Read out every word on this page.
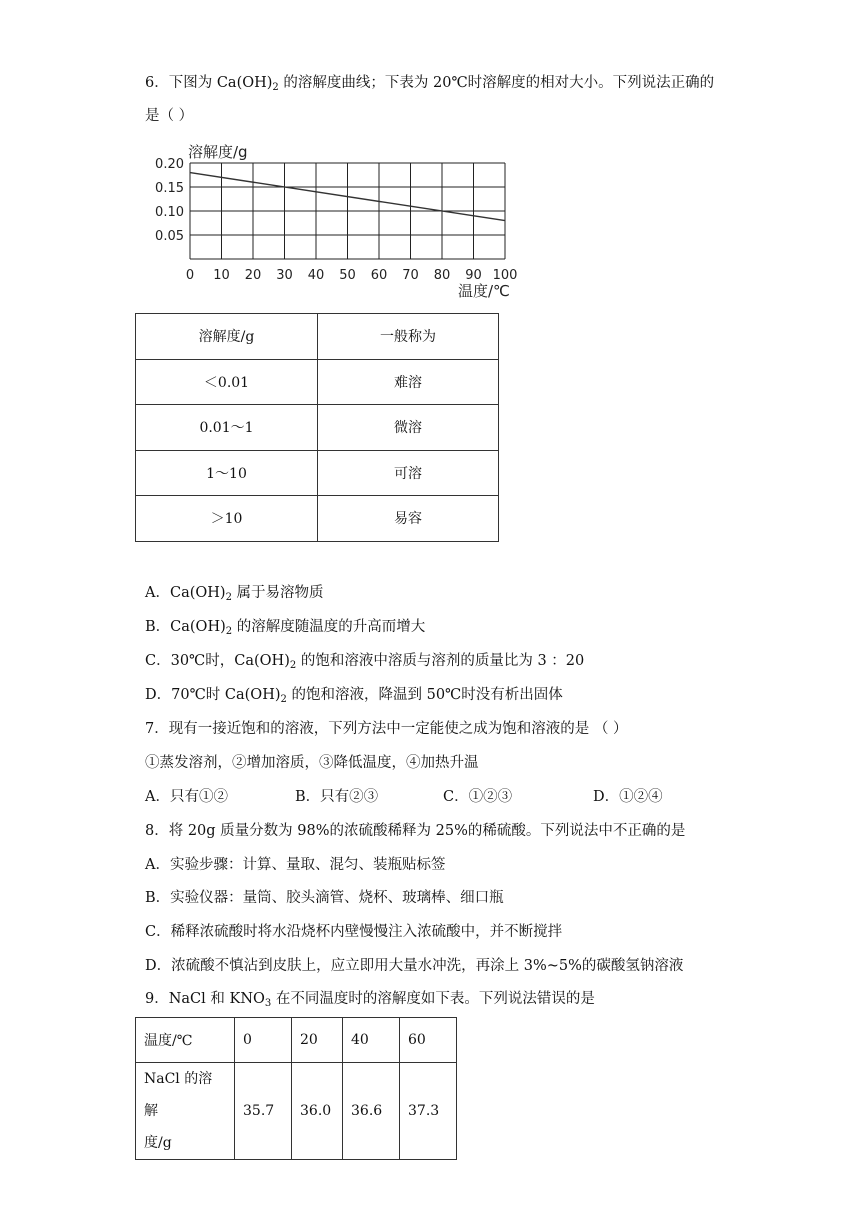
6．下图为 $Ca(OH)_2$ 的溶解度曲线；下表为 20℃时溶解度的相对大小。下列说法正确的
是（ ）
溶解度/g
0.20
0.15
0.10
0.05
0 10 20 30 40 50 60 70 80 90 100
温度/℃
溶解度/g	一般称为
＜0.01	难溶
0.01～1	微溶
1～10	可溶
＞10	易容
A．$Ca(OH)_2$ 属于易溶物质
B．$Ca(OH)_2$ 的溶解度随温度的升高而增大
C．30℃时，$Ca(OH)_2$ 的饱和溶液中溶质与溶剂的质量比为 3 ：20
D．70℃时 $Ca(OH)_2$ 的饱和溶液，降温到 50℃时没有析出固体
7．现有一接近饱和的溶液，下列方法中一定能使之成为饱和溶液的是 （ ）
①蒸发溶剂，②增加溶质，③降低温度，④加热升温
A．只有①②	B．只有②③	C．①②③	D．①②④
8．将 20g 质量分数为 98%的浓硫酸稀释为 25%的稀硫酸。下列说法中不正确的是
A．实验步骤：计算、量取、混匀、装瓶贴标签
B．实验仪器：量筒、胶头滴管、烧杯、玻璃棒、细口瓶
C．稀释浓硫酸时将水沿烧杯内壁慢慢注入浓硫酸中，并不断搅拌
D．浓硫酸不慎沾到皮肤上，应立即用大量水冲洗，再涂上 3%~5%的碳酸氢钠溶液
9．NaCl 和 $KNO_3$ 在不同温度时的溶解度如下表。下列说法错误的是
温度/℃	0	20	40	60
NaCl 的溶解
度/g	35.7	36.0	36.6	37.3
